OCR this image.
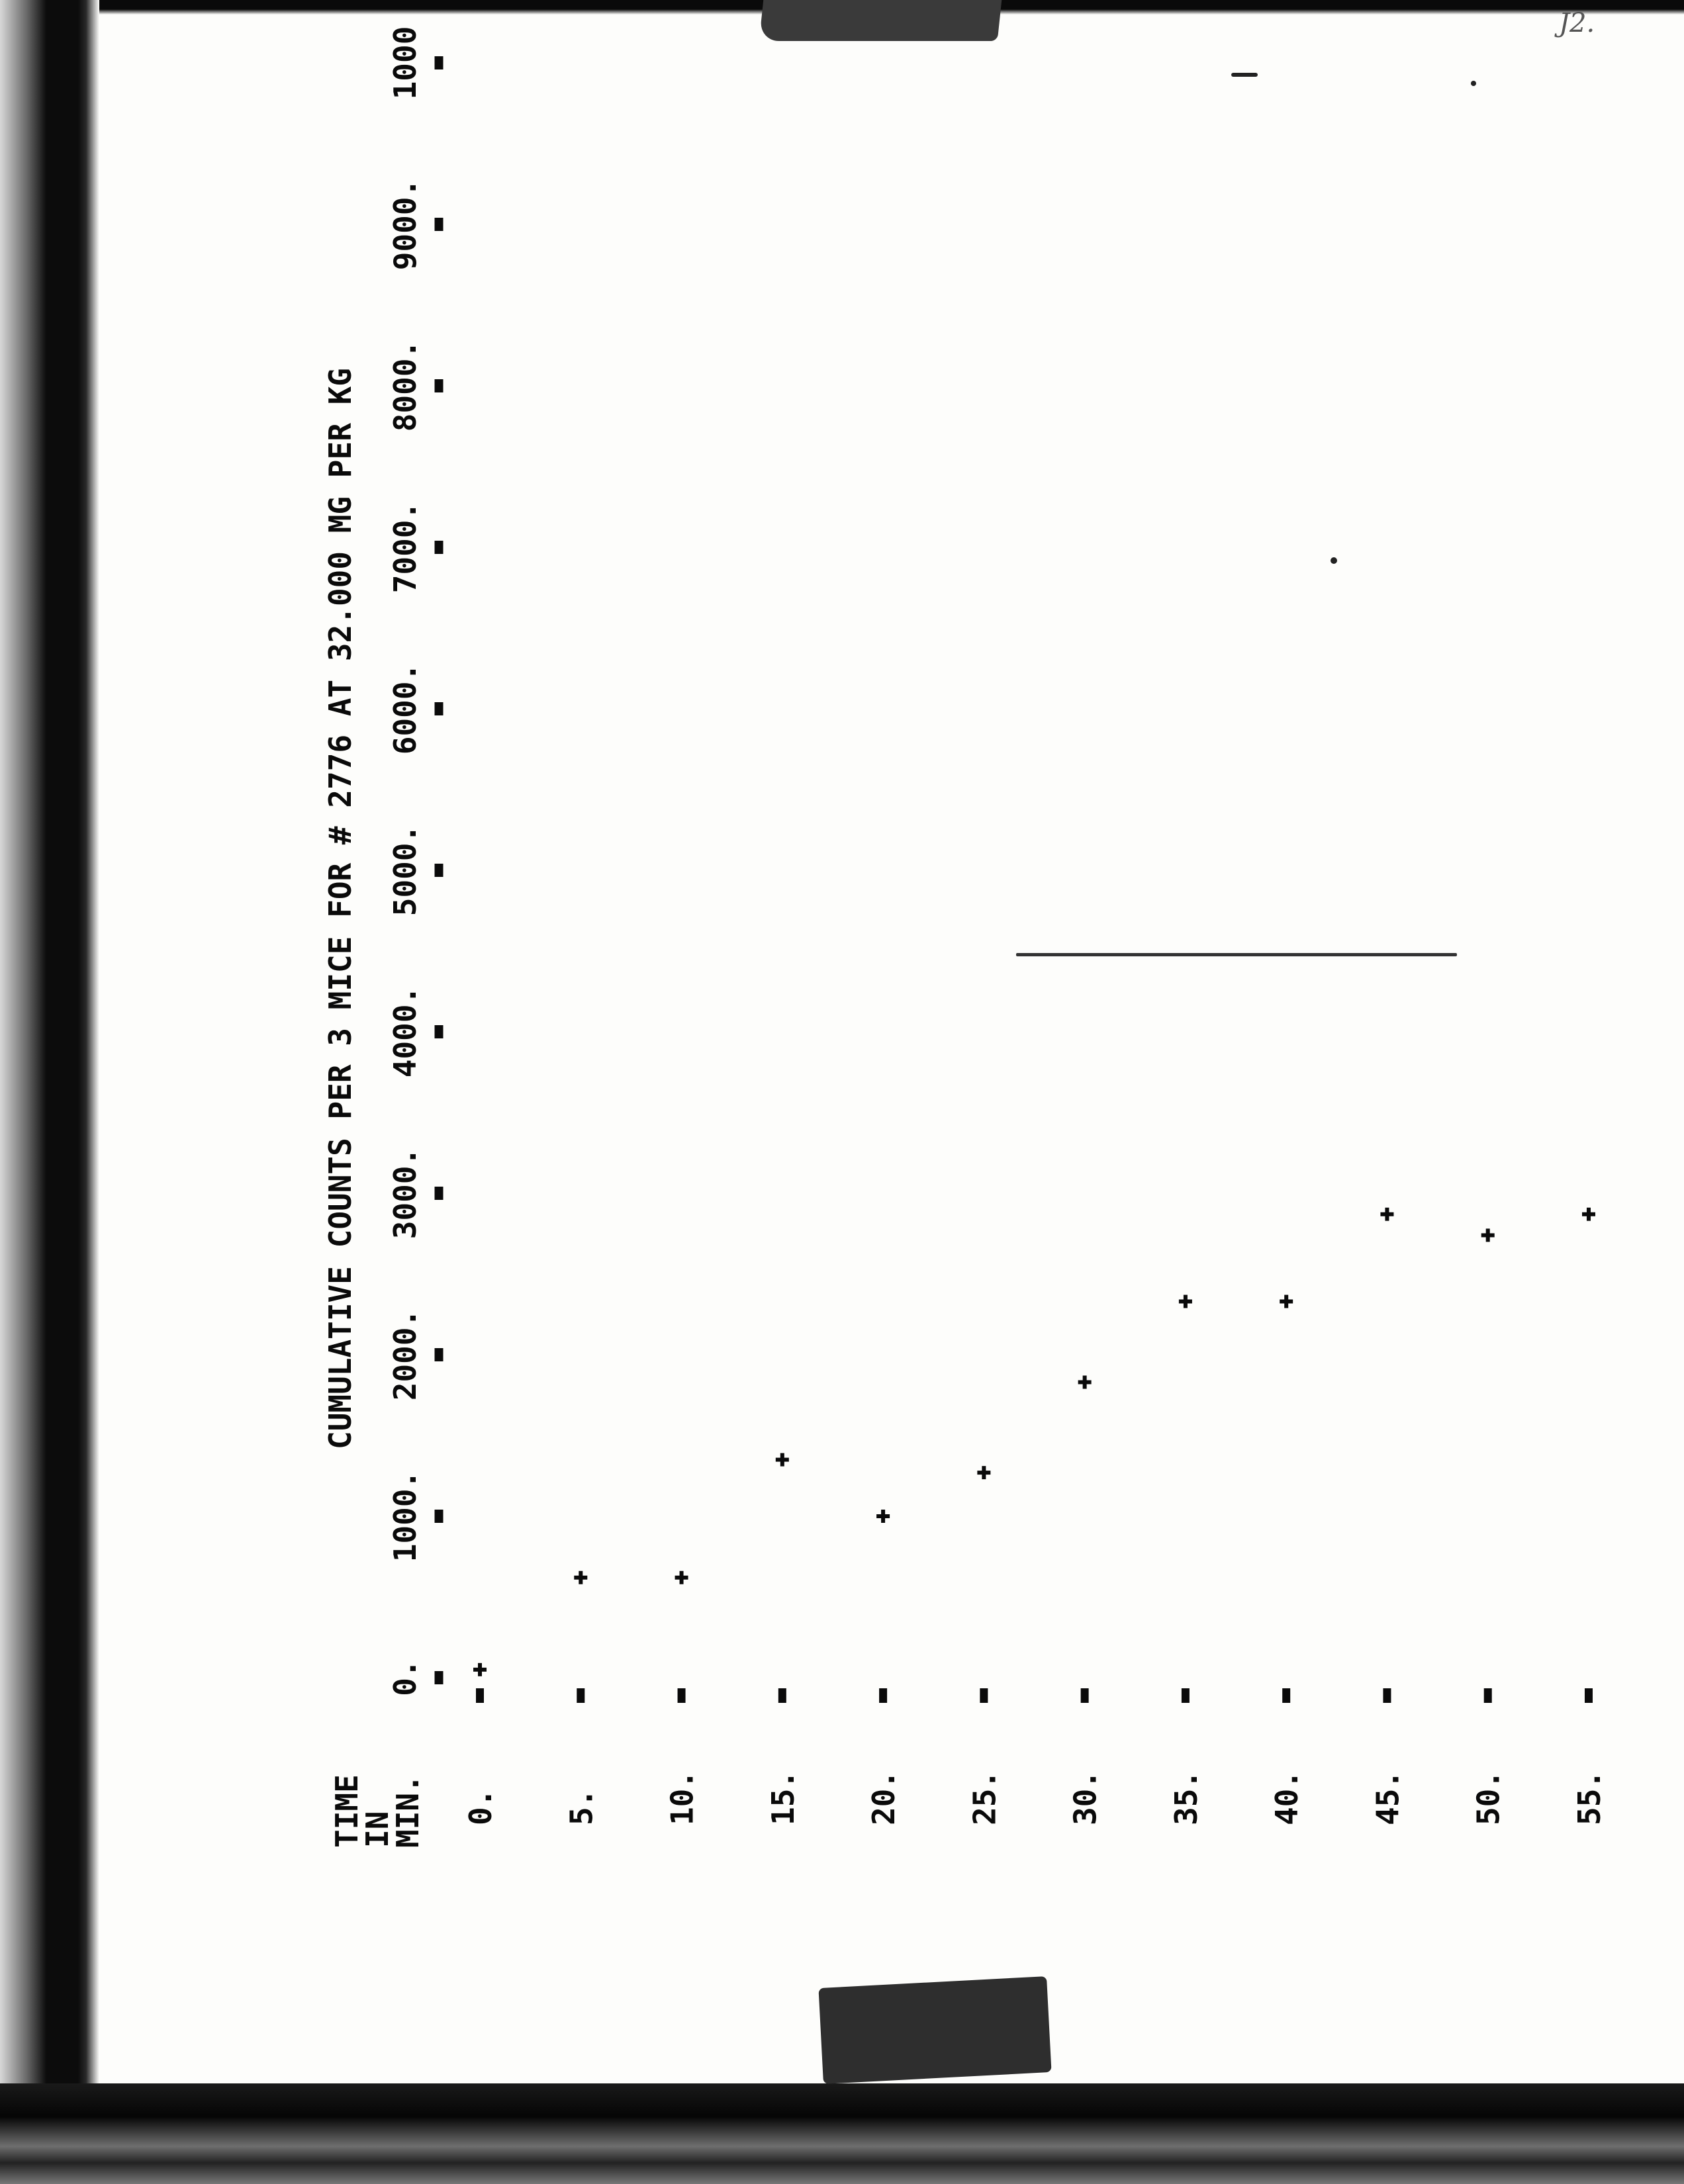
J2.
CUMULATIVE COUNTS PER 3 MICE FOR # 2776 AT 32.000 MG PER KG
0.
1000.
2000.
3000.
4000.
5000.
6000.
7000.
8000.
9000.
1000
TIME
IN
MIN. 0. 5. 10. 15. 20. 25. 30. 35. 40. 45. 50. 55.
